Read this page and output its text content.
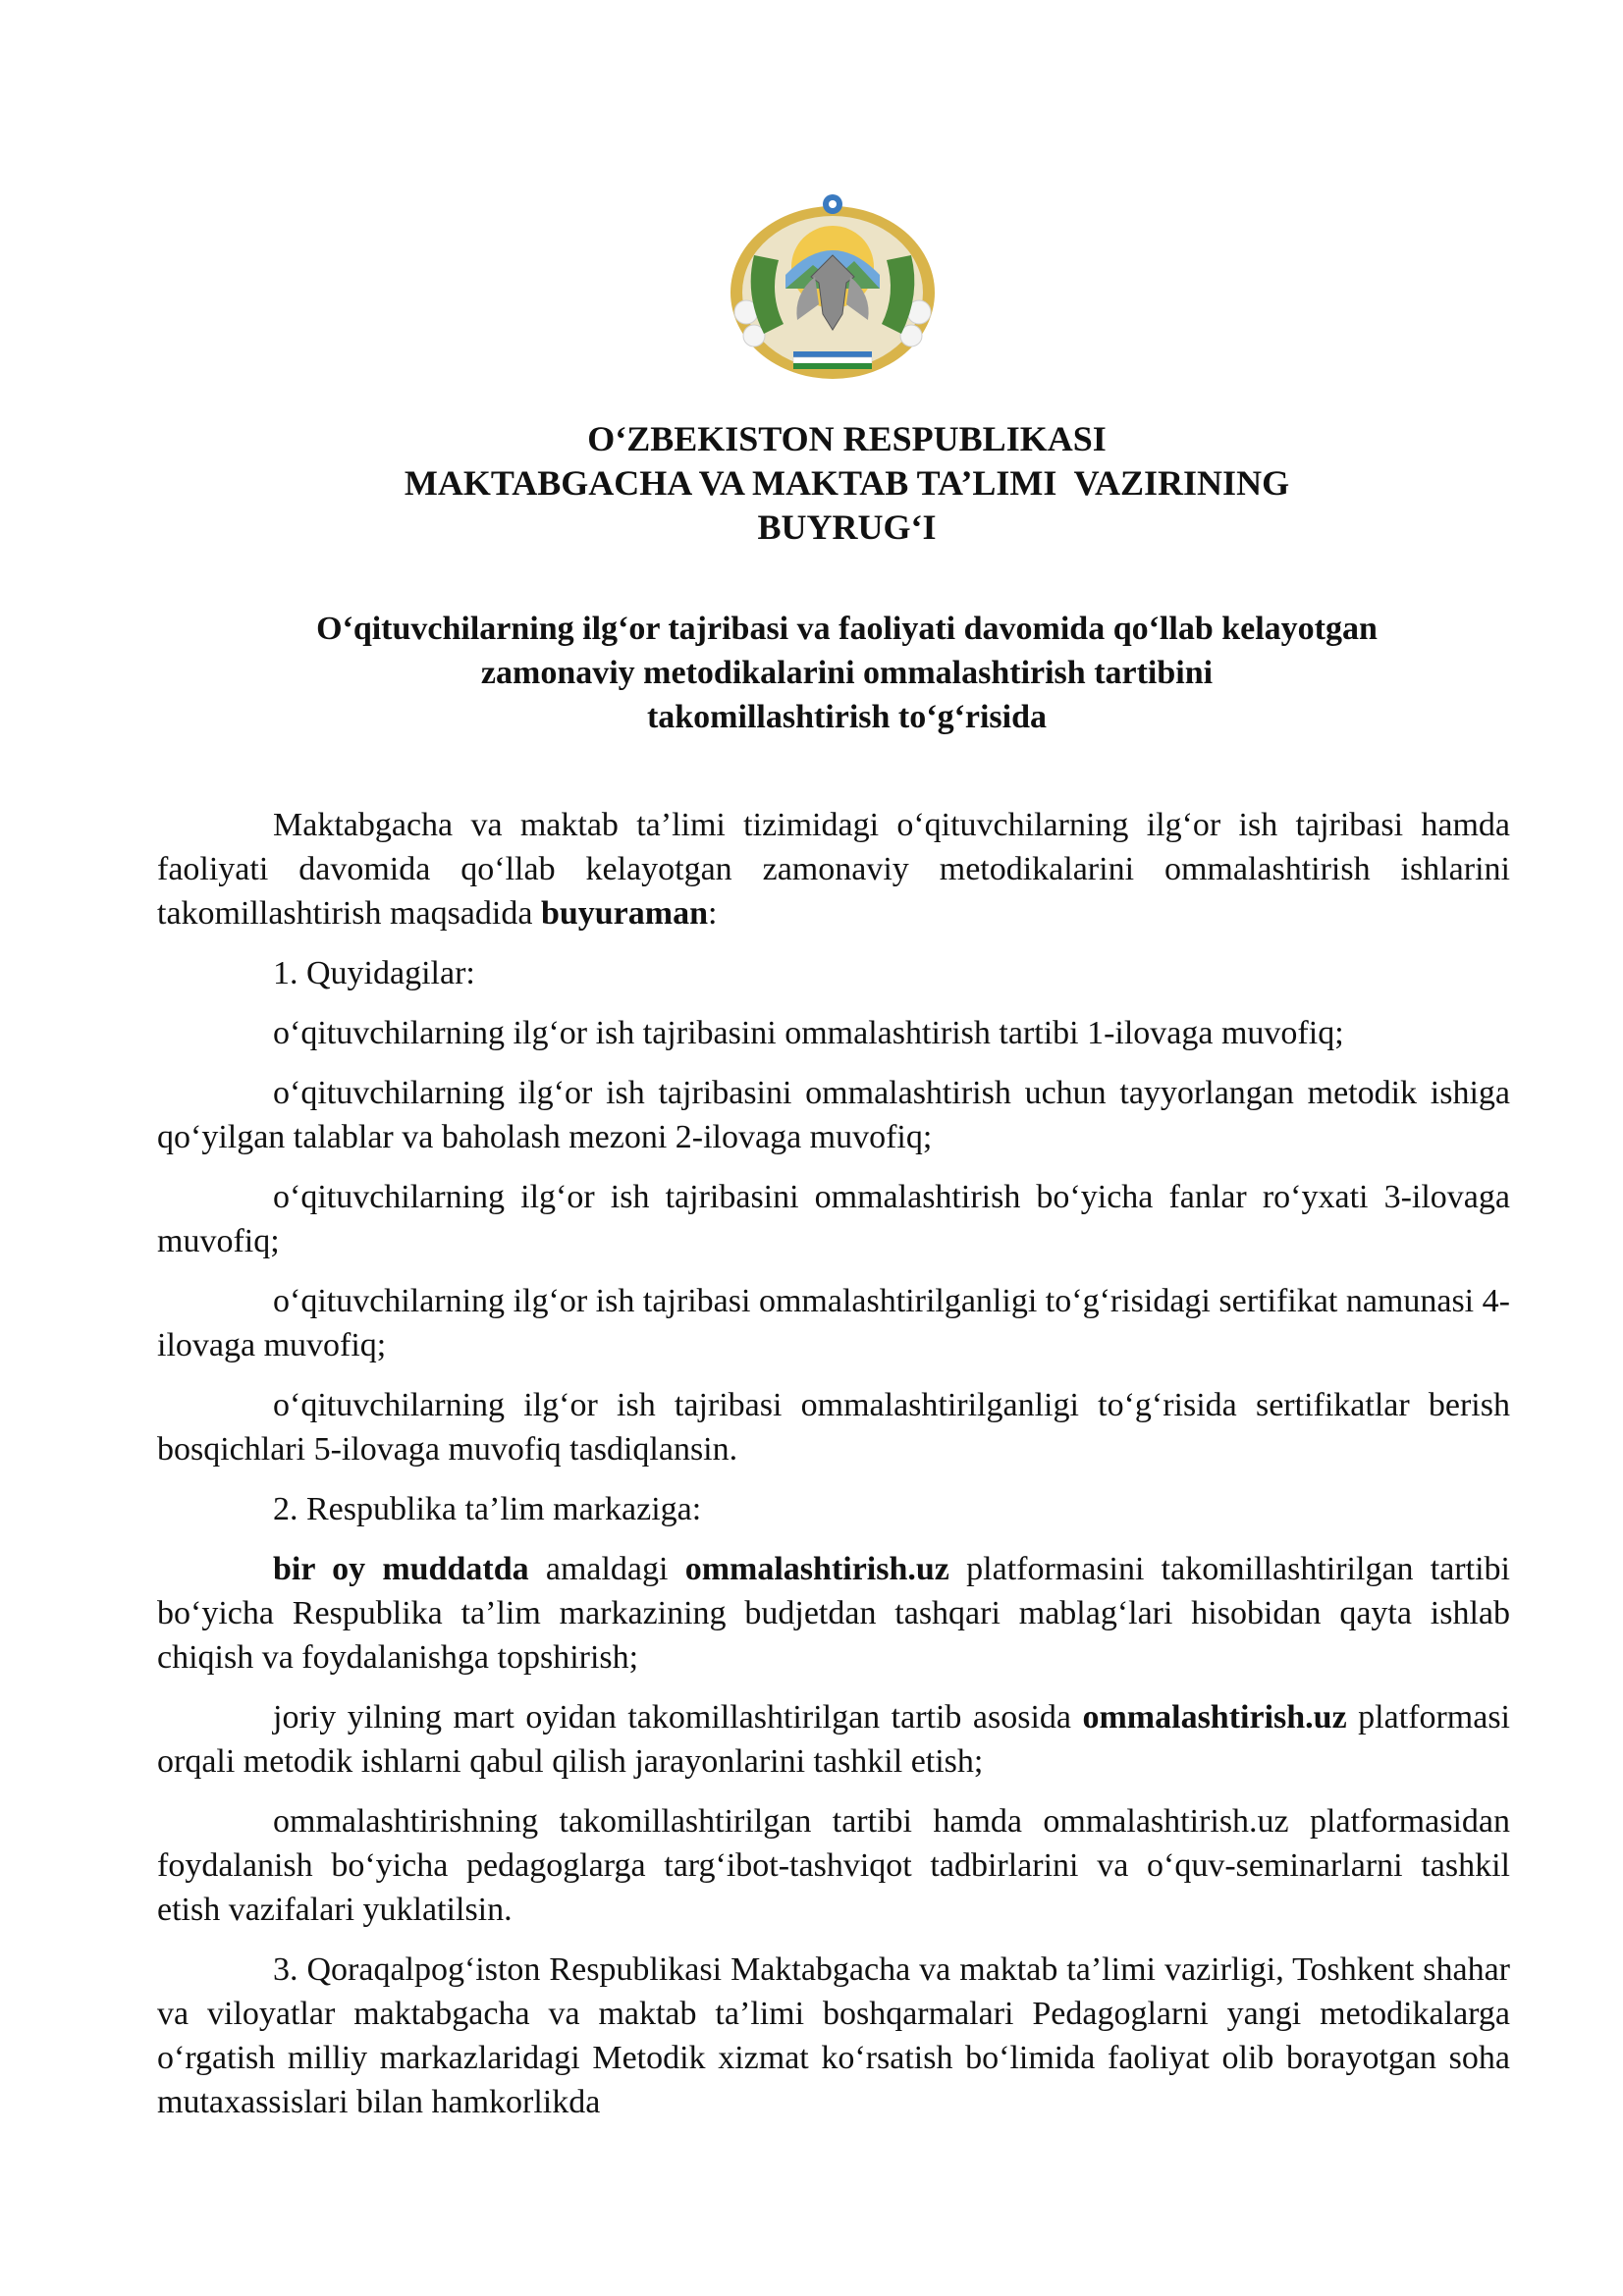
O‘ZBEKISTON RESPUBLIKASI
MAKTABGACHA VA MAKTAB TA’LIMI  VAZIRINING
BUYRUG‘I
O‘qituvchilarning ilg‘or tajribasi va faoliyati davomida qo‘llab kelayotgan
zamonaviy metodikalarini ommalashtirish tartibini
takomillashtirish to‘g‘risida

Maktabgacha va maktab ta’limi tizimidagi o‘qituvchilarning ilg‘or ish tajribasi hamda faoliyati davomida qo‘llab kelayotgan zamonaviy metodikalarini ommalashtirish ishlarini takomillashtirish maqsadida buyuraman:

1. Quyidagilar:

o‘qituvchilarning ilg‘or ish tajribasini ommalashtirish tartibi 1-ilovaga muvofiq;

o‘qituvchilarning ilg‘or ish tajribasini ommalashtirish uchun tayyorlangan metodik ishiga qo‘yilgan talablar va baholash mezoni 2-ilovaga muvofiq;

o‘qituvchilarning ilg‘or ish tajribasini ommalashtirish bo‘yicha fanlar ro‘yxati 3-ilovaga muvofiq;

o‘qituvchilarning ilg‘or ish tajribasi ommalashtirilganligi to‘g‘risidagi sertifikat namunasi 4-ilovaga muvofiq;

o‘qituvchilarning ilg‘or ish tajribasi ommalashtirilganligi to‘g‘risida sertifikatlar berish bosqichlari 5-ilovaga muvofiq tasdiqlansin.

2. Respublika ta’lim markaziga:

bir oy muddatda amaldagi ommalashtirish.uz platformasini takomillashtirilgan tartibi bo‘yicha Respublika ta’lim markazining budjetdan tashqari mablag‘lari hisobidan qayta ishlab chiqish va foydalanishga topshirish;

joriy yilning mart oyidan takomillashtirilgan tartib asosida ommalashtirish.uz platformasi orqali metodik ishlarni qabul qilish jarayonlarini tashkil etish;

ommalashtirishning takomillashtirilgan tartibi hamda ommalashtirish.uz platformasidan foydalanish bo‘yicha pedagoglarga targ‘ibot-tashviqot tadbirlarini va o‘quv-seminarlarni tashkil etish vazifalari yuklatilsin.

3. Qoraqalpog‘iston Respublikasi Maktabgacha va maktab ta’limi vazirligi, Toshkent shahar va viloyatlar maktabgacha va maktab ta’limi boshqarmalari Pedagoglarni yangi metodikalarga o‘rgatish milliy markazlaridagi Metodik xizmat ko‘rsatish bo‘limida faoliyat olib borayotgan soha mutaxassislari bilan hamkorlikda
